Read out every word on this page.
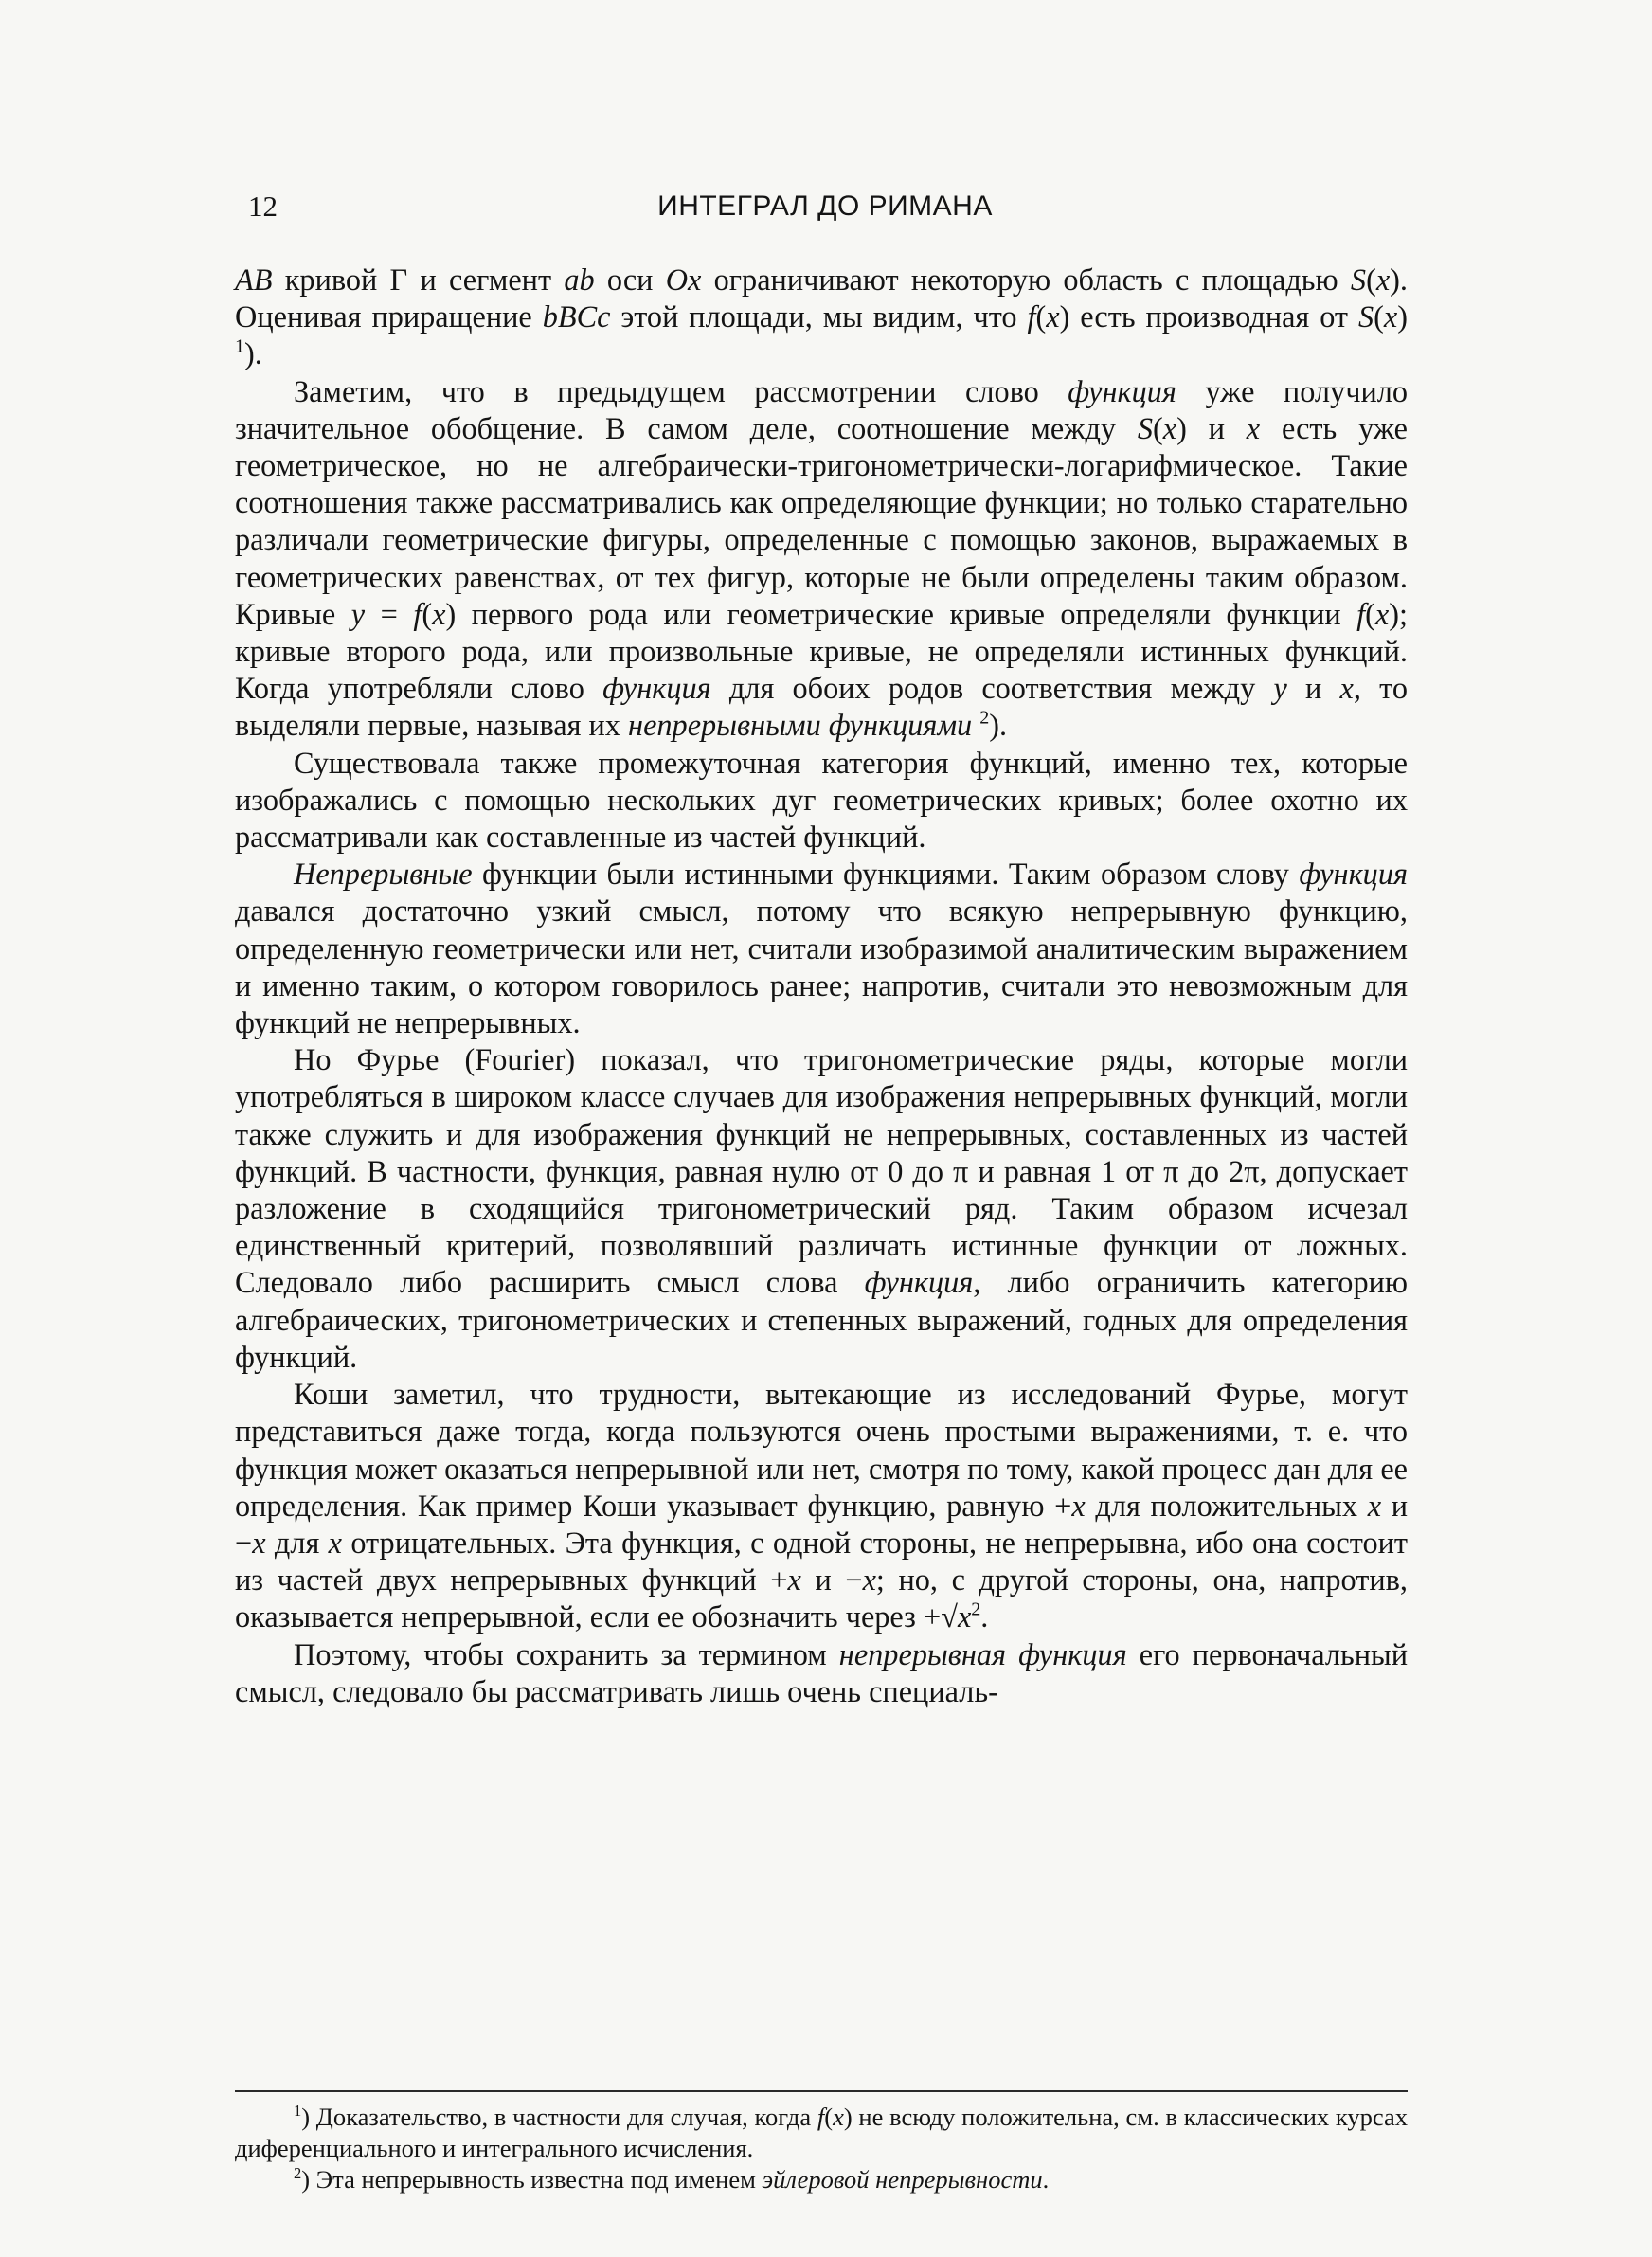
12	ИНТЕГРАЛ ДО РИМАНА

AB кривой Г и сегмент ab оси Ox ограничивают некоторую область с площадью S(x). Оценивая приращение bBCc этой площади, мы видим, что f(x) есть производная от S(x) $^1$).

Заметим, что в предыдущем рассмотрении слово функция уже получило значительное обобщение. В самом деле, соотношение между S(x) и x есть уже геометрическое, но не алгебраически-тригонометрически-логарифмическое. Такие соотношения также рассматривались как определяющие функции; но только старательно различали геометрические фигуры, определенные с помощью законов, выражаемых в геометрических равенствах, от тех фигур, которые не были определены таким образом. Кривые y = f(x) первого рода или геометрические кривые определяли функции f(x); кривые второго рода, или произвольные кривые, не определяли истинных функций. Когда употребляли слово функция для обоих родов соответствия между y и x, то выделяли первые, называя их непрерывными функциями $^2$).

Существовала также промежуточная категория функций, именно тех, которые изображались с помощью нескольких дуг геометрических кривых; более охотно их рассматривали как составленные из частей функций.

Непрерывные функции были истинными функциями. Таким образом слову функция давался достаточно узкий смысл, потому что всякую непрерывную функцию, определенную геометрически или нет, считали изобразимой аналитическим выражением и именно таким, о котором говорилось ранее; напротив, считали это невозможным для функций не непрерывных.

Но Фурье (Fourier) показал, что тригонометрические ряды, которые могли употребляться в широком классе случаев для изображения непрерывных функций, могли также служить и для изображения функций не непрерывных, составленных из частей функций. В частности, функция, равная нулю от 0 до π и равная 1 от π до 2π, допускает разложение в сходящийся тригонометрический ряд. Таким образом исчезал единственный критерий, позволявший различать истинные функции от ложных. Следовало либо расширить смысл слова функция, либо ограничить категорию алгебраических, тригонометрических и степенных выражений, годных для определения функций.

Коши заметил, что трудности, вытекающие из исследований Фурье, могут представиться даже тогда, когда пользуются очень простыми выражениями, т. е. что функция может оказаться непрерывной или нет, смотря по тому, какой процесс дан для ее определения. Как пример Коши указывает функцию, равную +x для положительных x и −x для x отрицательных. Эта функция, с одной стороны, не непрерывна, ибо она состоит из частей двух непрерывных функций +x и −x; но, с другой стороны, она, напротив, оказывается непрерывной, если ее обозначить через $+√x^2$.

Поэтому, чтобы сохранить за термином непрерывная функция его первоначальный смысл, следовало бы рассматривать лишь очень специаль-

$^1$) Доказательство, в частности для случая, когда f(x) не всюду положительна, см. в классических курсах диференциального и интегрального исчисления.

$^2$) Эта непрерывность известна под именем эйлеровой непрерывности.
